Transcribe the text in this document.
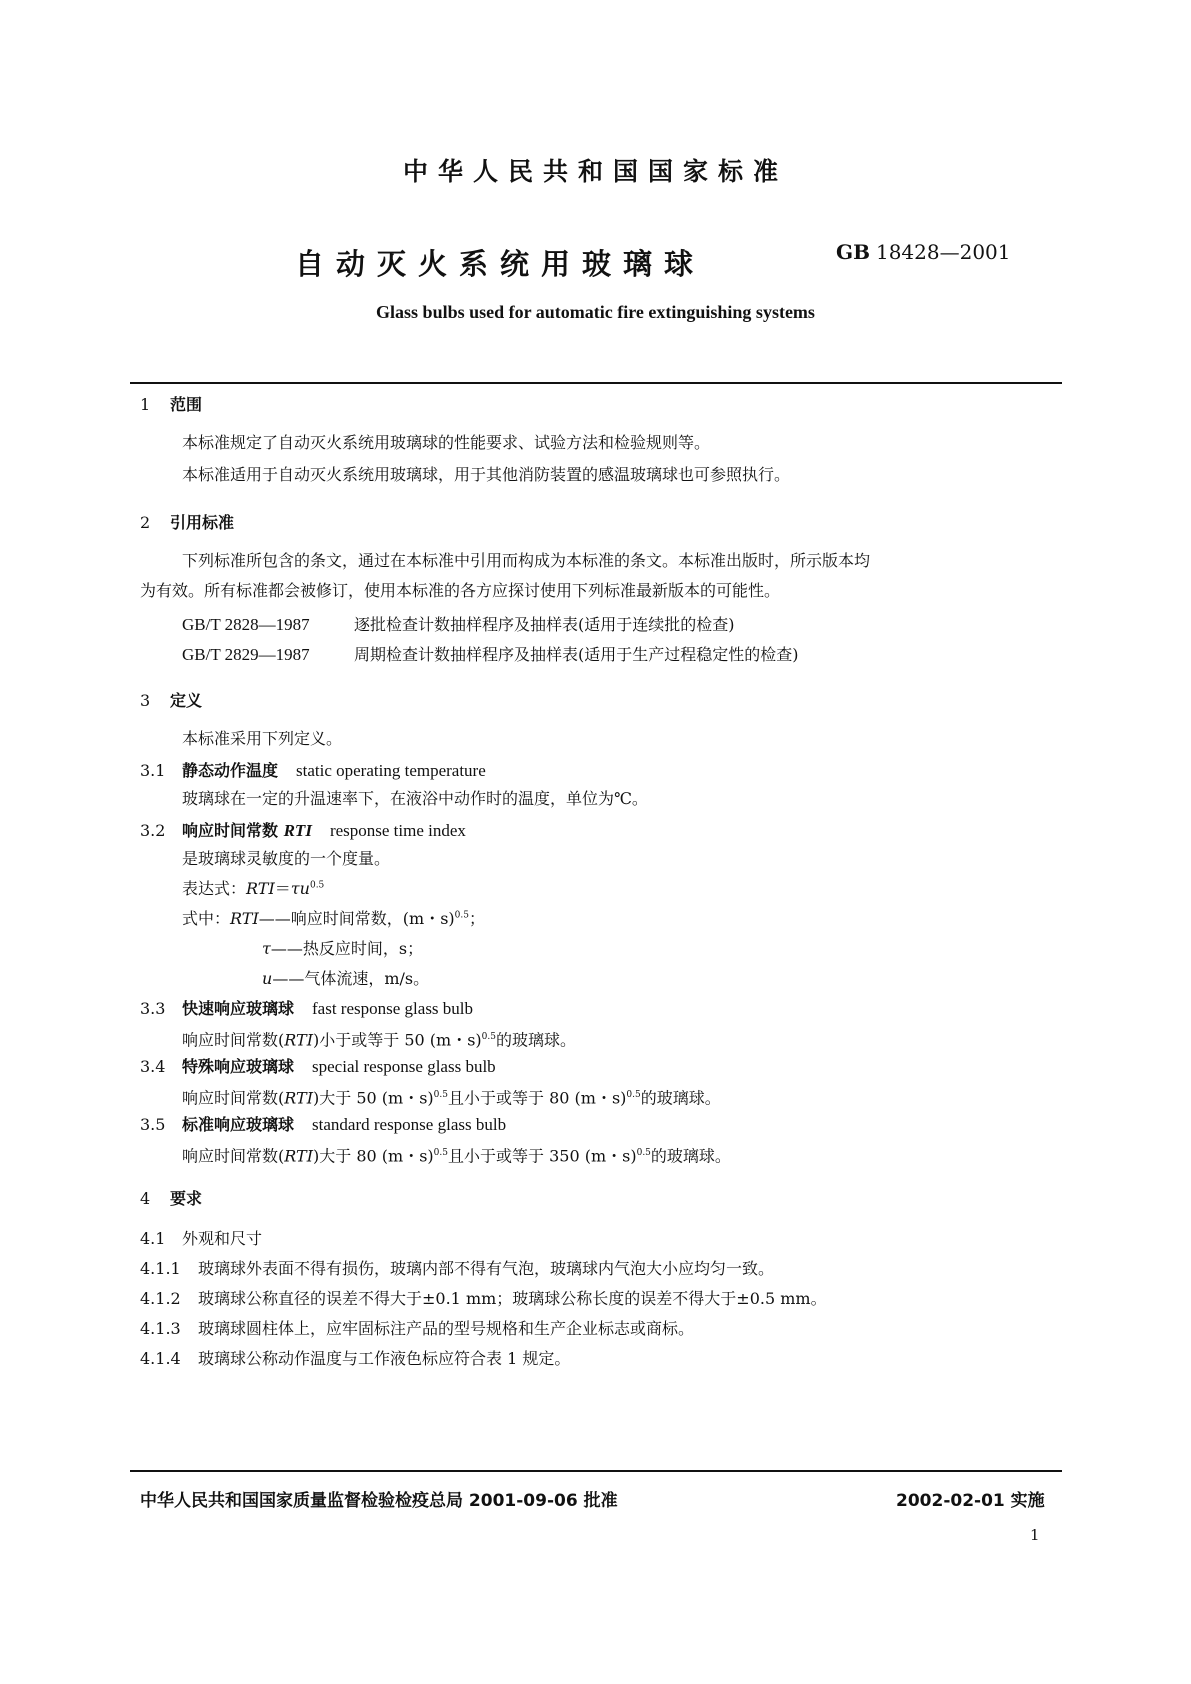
中华人民共和国国家标准
自动灭火系统用玻璃球	GB 18428—2001
Glass bulbs used for automatic fire extinguishing systems
1 范围
本标准规定了自动灭火系统用玻璃球的性能要求、试验方法和检验规则等。
本标准适用于自动灭火系统用玻璃球，用于其他消防装置的感温玻璃球也可参照执行。
2 引用标准
下列标准所包含的条文，通过在本标准中引用而构成为本标准的条文。本标准出版时，所示版本均
为有效。所有标准都会被修订，使用本标准的各方应探讨使用下列标准最新版本的可能性。
GB/T 2828—1987	逐批检查计数抽样程序及抽样表(适用于连续批的检查)
GB/T 2829—1987	周期检查计数抽样程序及抽样表(适用于生产过程稳定性的检查)
3 定义
本标准采用下列定义。
3.1 静态动作温度 static operating temperature
玻璃球在一定的升温速率下，在液浴中动作时的温度，单位为℃。
3.2 响应时间常数 RTI response time index
是玻璃球灵敏度的一个度量。
表达式：$RTI=\tau u^{0.5}$
式中：RTI——响应时间常数，(m・s)$^{0.5}$；
τ——热反应时间，s；
u——气体流速，m/s。
3.3 快速响应玻璃球 fast response glass bulb
响应时间常数(RTI)小于或等于 50 (m・s)$^{0.5}$的玻璃球。
3.4 特殊响应玻璃球 special response glass bulb
响应时间常数(RTI)大于 50 (m・s)$^{0.5}$且小于或等于 80 (m・s)$^{0.5}$的玻璃球。
3.5 标准响应玻璃球 standard response glass bulb
响应时间常数(RTI)大于 80 (m・s)$^{0.5}$且小于或等于 350 (m・s)$^{0.5}$的玻璃球。
4 要求
4.1 外观和尺寸
4.1.1 玻璃球外表面不得有损伤，玻璃内部不得有气泡，玻璃球内气泡大小应均匀一致。
4.1.2 玻璃球公称直径的误差不得大于±0.1 mm；玻璃球公称长度的误差不得大于±0.5 mm。
4.1.3 玻璃球圆柱体上，应牢固标注产品的型号规格和生产企业标志或商标。
4.1.4 玻璃球公称动作温度与工作液色标应符合表 1 规定。
中华人民共和国国家质量监督检验检疫总局 2001-09-06 批准	2002-02-01 实施
1
